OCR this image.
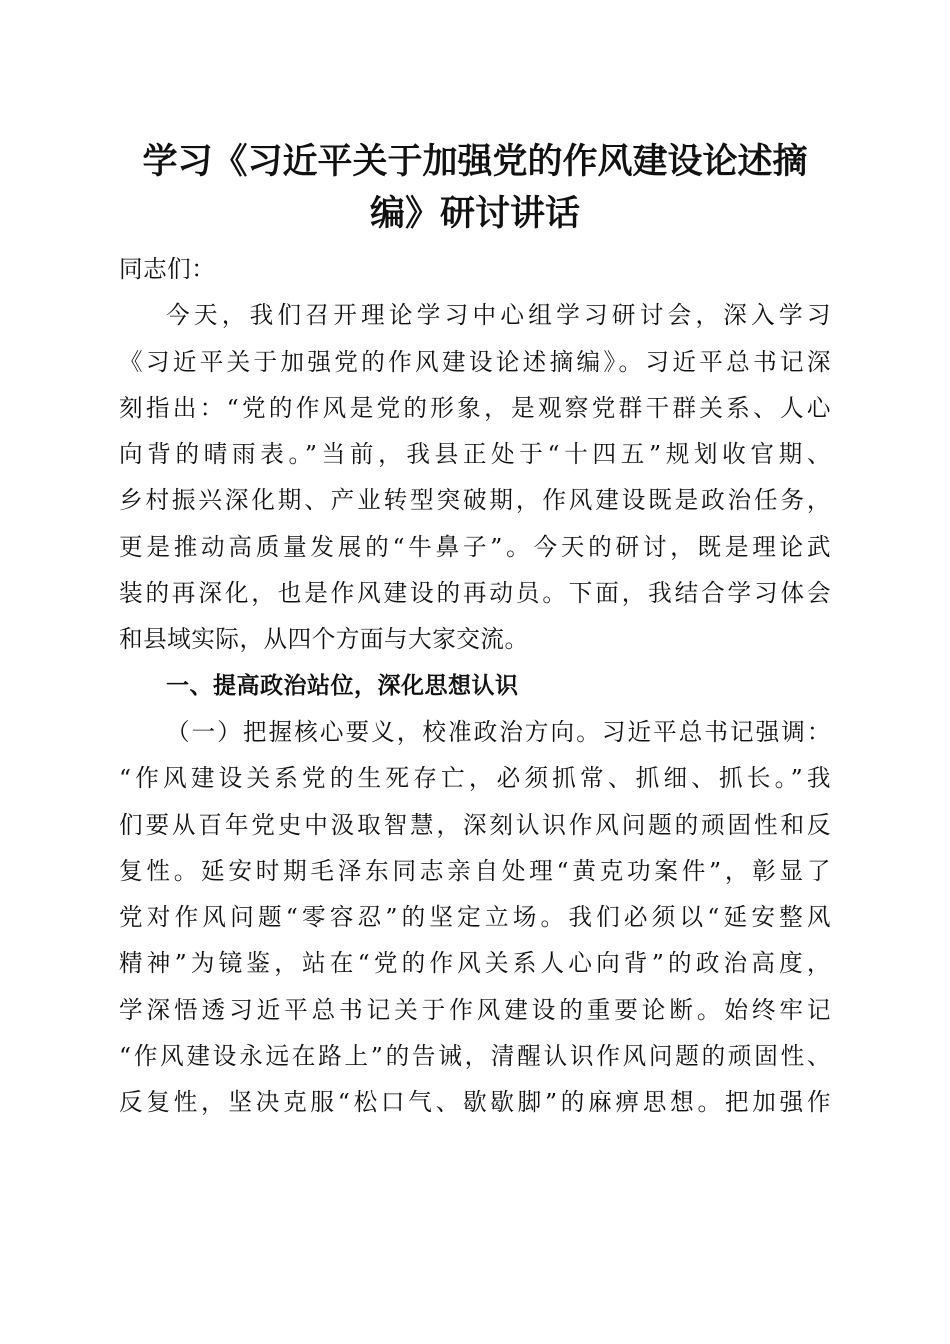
学习《习近平关于加强党的作风建设论述摘
编》研讨讲话
同志们：
今天，我们召开理论学习中心组学习研讨会，深入学习
《习近平关于加强党的作风建设论述摘编》。习近平总书记深
刻指出：“党的作风是党的形象，是观察党群干群关系、人心
向背的晴雨表。”当前，我县正处于“十四五”规划收官期、
乡村振兴深化期、产业转型突破期，作风建设既是政治任务，
更是推动高质量发展的“牛鼻子”。今天的研讨，既是理论武
装的再深化，也是作风建设的再动员。下面，我结合学习体会
和县域实际，从四个方面与大家交流。
一、提高政治站位，深化思想认识
（一）把握核心要义，校准政治方向。习近平总书记强调：
“作风建设关系党的生死存亡，必须抓常、抓细、抓长。”我
们要从百年党史中汲取智慧，深刻认识作风问题的顽固性和反
复性。延安时期毛泽东同志亲自处理“黄克功案件”，彰显了
党对作风问题“零容忍”的坚定立场。我们必须以“延安整风
精神”为镜鉴，站在“党的作风关系人心向背”的政治高度，
学深悟透习近平总书记关于作风建设的重要论断。始终牢记
“作风建设永远在路上”的告诫，清醒认识作风问题的顽固性、
反复性，坚决克服“松口气、歇歇脚”的麻痹思想。把加强作
